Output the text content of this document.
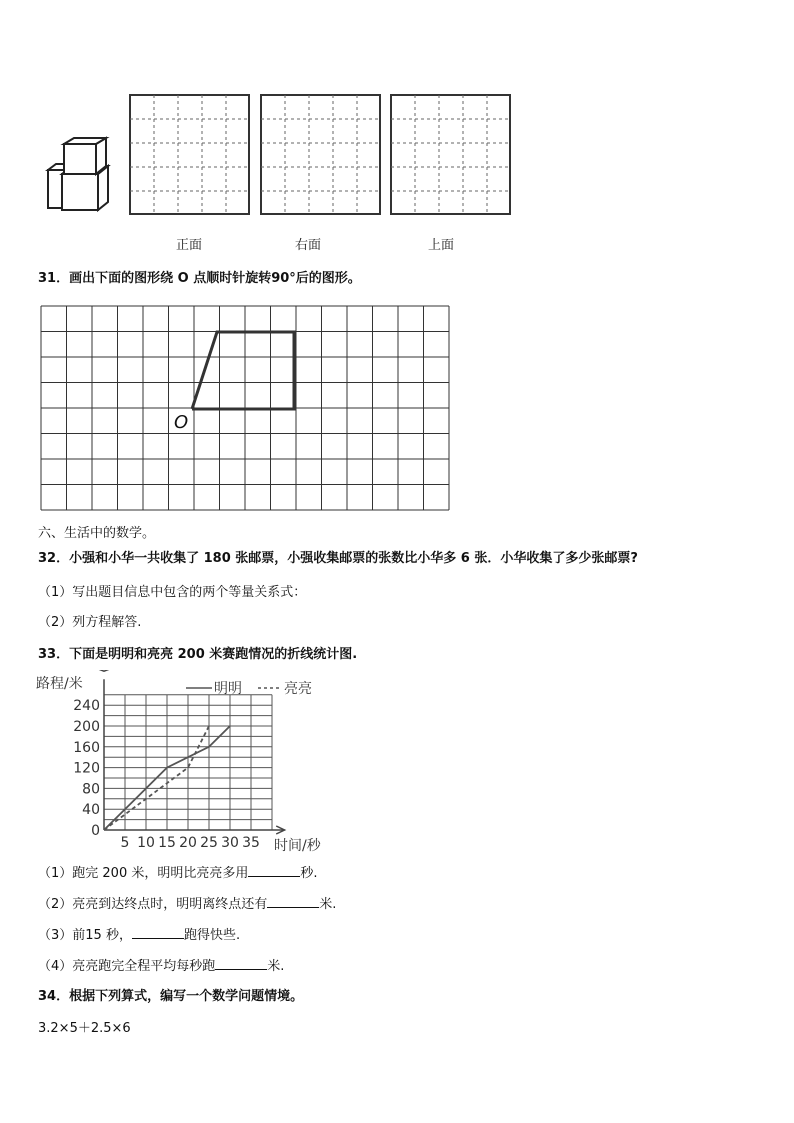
正面	右面	上面
31．画出下面的图形绕 O 点顺时针旋转90°后的图形。
O
六、生活中的数学。
32．小强和小华一共收集了 180 张邮票，小强收集邮票的张数比小华多 6 张．小华收集了多少张邮票?
（1）写出题目信息中包含的两个等量关系式：
（2）列方程解答.
33．下面是明明和亮亮 200 米赛跑情况的折线统计图.
0
40
80
120
160
200
240
5 10 15 20 25 30 35
路程/米
时间/秒
明明	亮亮
（1）跑完 200 米，明明比亮亮多用	秒.
（2）亮亮到达终点时，明明离终点还有	米.
（3）前15 秒，	跑得快些.
（4）亮亮跑完全程平均每秒跑	米.
34．根据下列算式，编写一个数学问题情境。
3.2×5＋2.5×6
